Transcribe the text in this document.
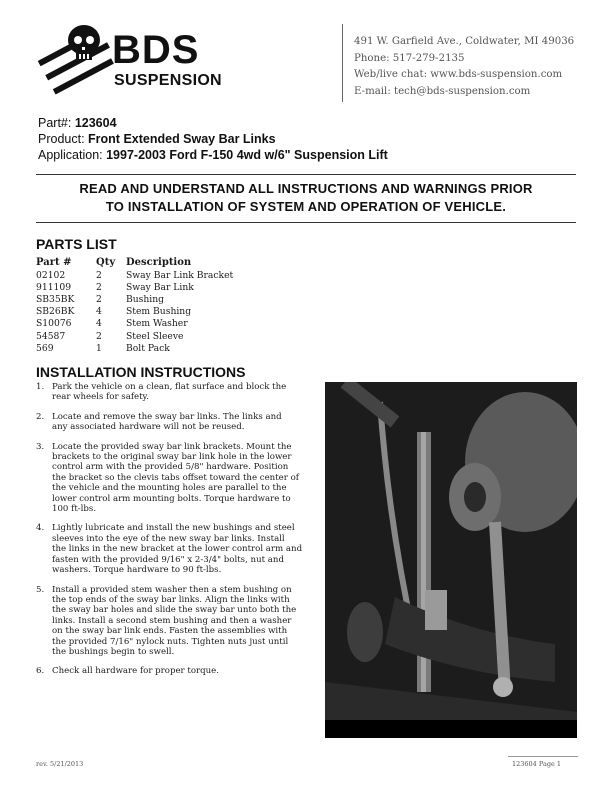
BDS
SUSPENSION
491 W. Garfield Ave., Coldwater, MI 49036
Phone: 517-279-2135
Web/live chat: www.bds-suspension.com
E-mail: tech@bds-suspension.com
Part#: 123604
Product: Front Extended Sway Bar Links
Application: 1997-2003 Ford F-150 4wd w/6" Suspension Lift
READ AND UNDERSTAND ALL INSTRUCTIONS AND WARNINGS PRIOR
TO INSTALLATION OF SYSTEM AND OPERATION OF VEHICLE.
PARTS LIST
Part #	Qty	Description
02102	2	Sway Bar Link Bracket
911109	2	Sway Bar Link
SB35BK	2	Bushing
SB26BK	4	Stem Bushing
S10076	4	Stem Washer
54587	2	Steel Sleeve
569	1	Bolt Pack
INSTALLATION INSTRUCTIONS
1. Park the vehicle on a clean, flat surface and block the
rear wheels for safety.
2. Locate and remove the sway bar links. The links and
any associated hardware will not be reused.
3. Locate the provided sway bar link brackets. Mount the
brackets to the original sway bar link hole in the lower
control arm with the provided 5/8" hardware. Position
the bracket so the clevis tabs offset toward the center of
the vehicle and the mounting holes are parallel to the
lower control arm mounting bolts. Torque hardware to
100 ft-lbs.
4. Lightly lubricate and install the new bushings and steel
sleeves into the eye of the new sway bar links. Install
the links in the new bracket at the lower control arm and
fasten with the provided 9/16" x 2-3/4" bolts, nut and
washers. Torque hardware to 90 ft-lbs.
5. Install a provided stem washer then a stem bushing on
the top ends of the sway bar links. Align the links with
the sway bar holes and slide the sway bar unto both the
links. Install a second stem bushing and then a washer
on the sway bar link ends. Fasten the assemblies with
the provided 7/16" nylock nuts. Tighten nuts just until
the bushings begin to swell.
6. Check all hardware for proper torque.
rev. 5/21/2013	123604 Page 1
